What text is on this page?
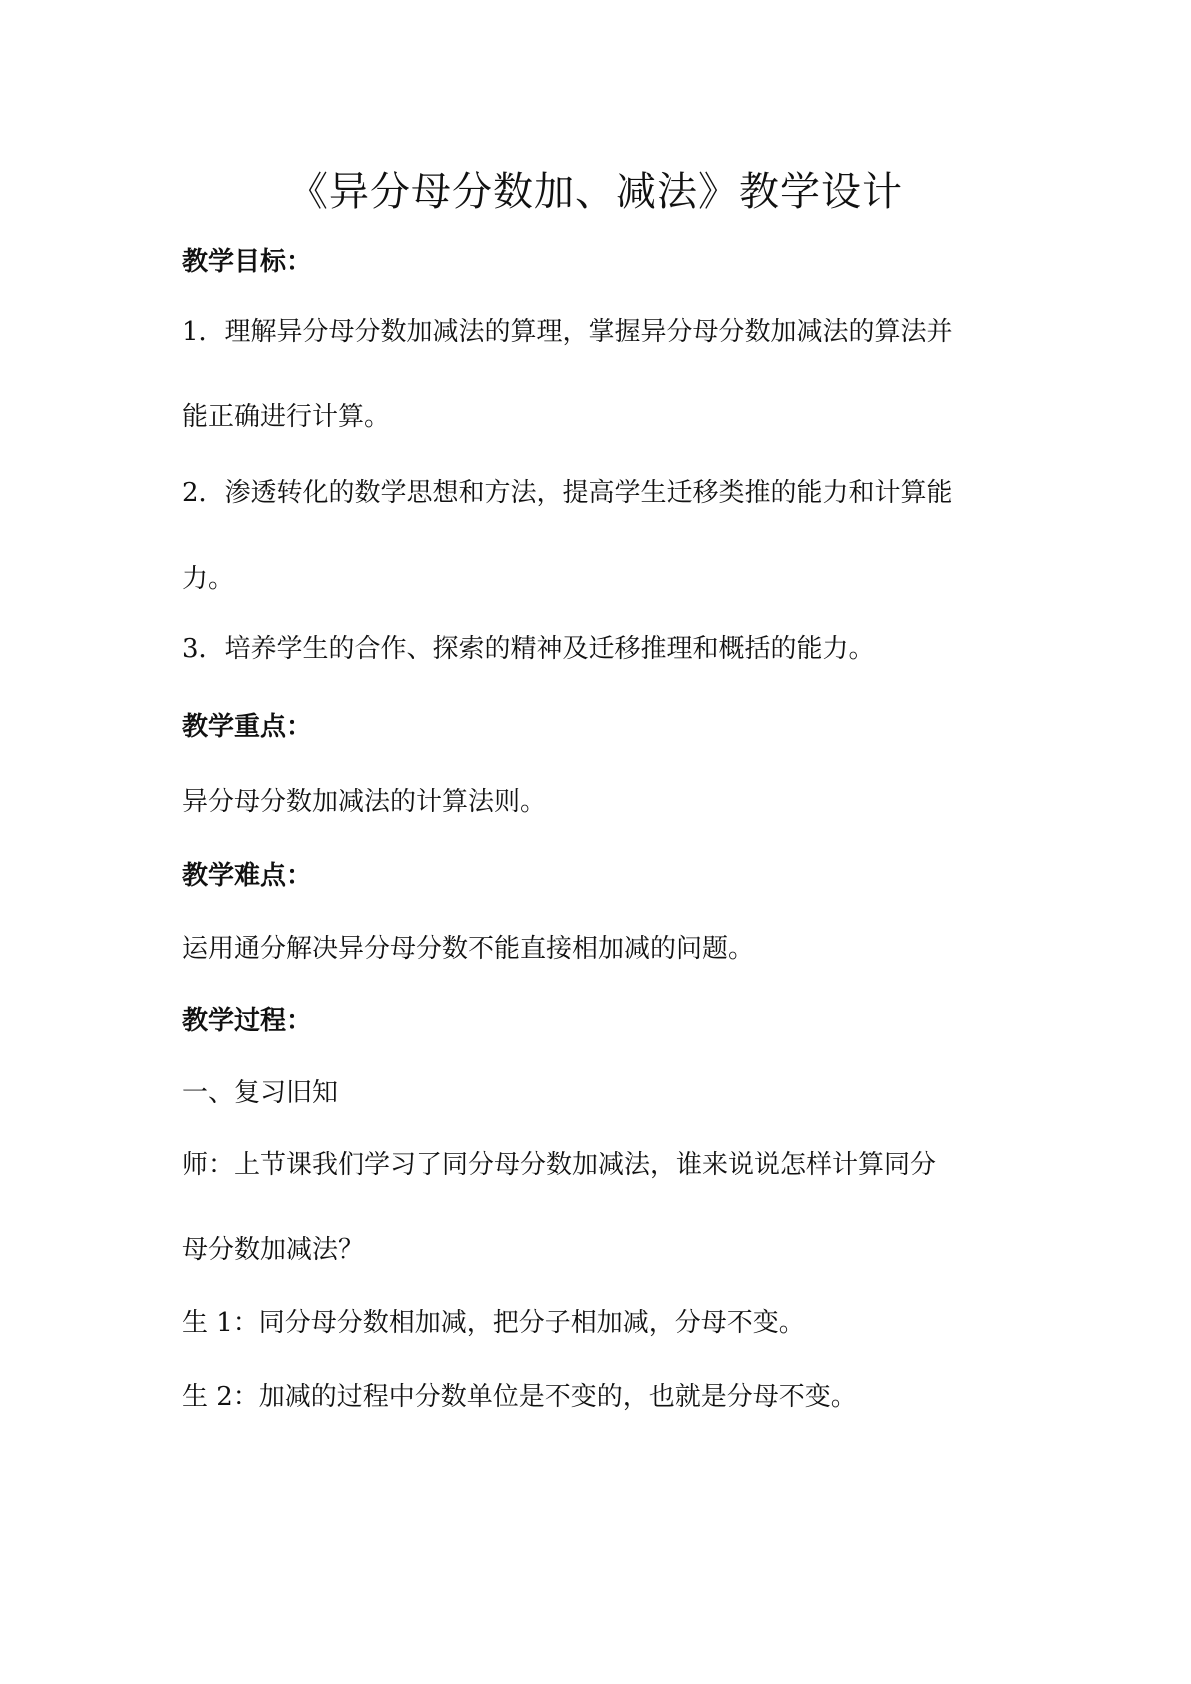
《异分母分数加、减法》教学设计

教学目标：

1．理解异分母分数加减法的算理，掌握异分母分数加减法的算法并

能正确进行计算。

2．渗透转化的数学思想和方法，提高学生迁移类推的能力和计算能

力。

3．培养学生的合作、探索的精神及迁移推理和概括的能力。

教学重点：

异分母分数加减法的计算法则。

教学难点：

运用通分解决异分母分数不能直接相加减的问题。

教学过程：

一、复习旧知

师：上节课我们学习了同分母分数加减法，谁来说说怎样计算同分

母分数加减法？

生 1：同分母分数相加减，把分子相加减，分母不变。

生 2：加减的过程中分数单位是不变的，也就是分母不变。
